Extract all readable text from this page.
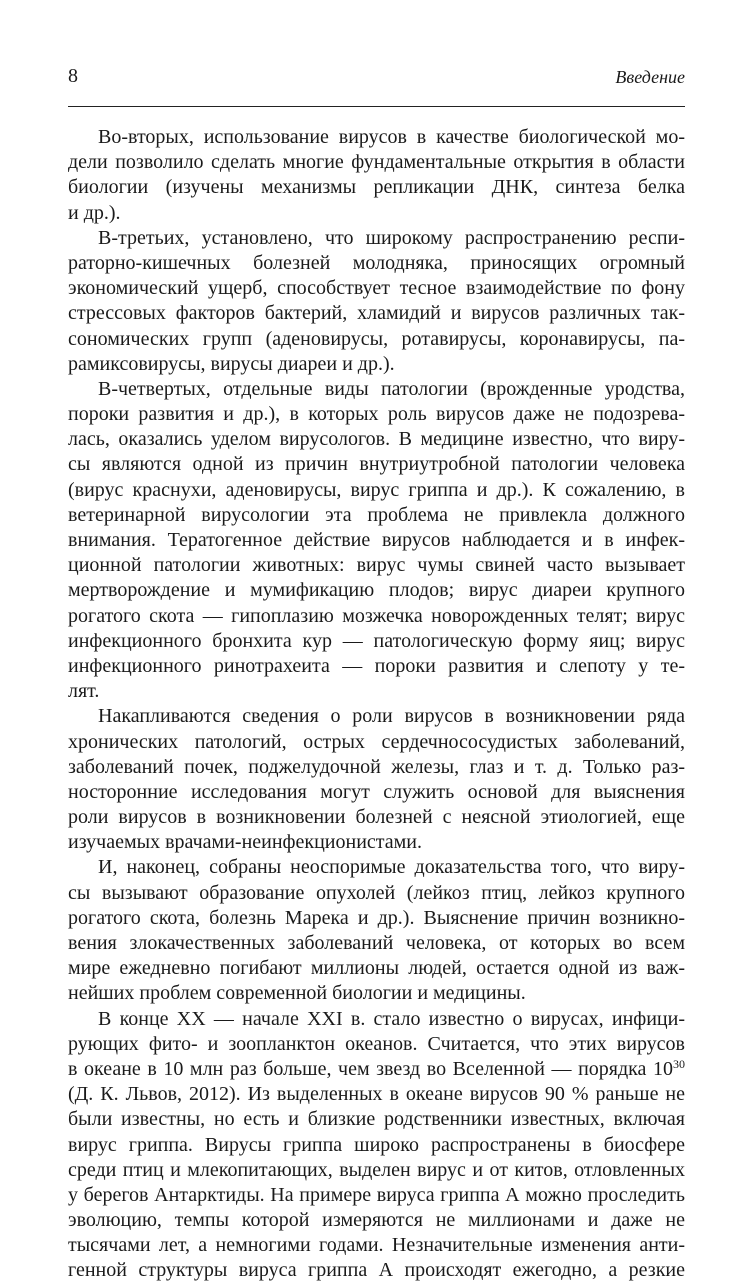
8	Введение
Во-вторых, использование вирусов в качестве биологической мо-
дели позволило сделать многие фундаментальные открытия в области
биологии (изучены механизмы репликации ДНК, синтеза белка
и др.).
В-третьих, установлено, что широкому распространению респи-
раторно-кишечных болезней молодняка, приносящих огромный
экономический ущерб, способствует тесное взаимодействие по фону
стрессовых факторов бактерий, хламидий и вирусов различных так-
сономических групп (аденовирусы, ротавирусы, коронавирусы, па-
рамиксовирусы, вирусы диареи и др.).
В-четвертых, отдельные виды патологии (врожденные уродства,
пороки развития и др.), в которых роль вирусов даже не подозрева-
лась, оказались уделом вирусологов. В медицине известно, что виру-
сы являются одной из причин внутриутробной патологии человека
(вирус краснухи, аденовирусы, вирус гриппа и др.). К сожалению, в
ветеринарной вирусологии эта проблема не привлекла должного
внимания. Тератогенное действие вирусов наблюдается и в инфек-
ционной патологии животных: вирус чумы свиней часто вызывает
мертворождение и мумификацию плодов; вирус диареи крупного
рогатого скота — гипоплазию мозжечка новорожденных телят; вирус
инфекционного бронхита кур — патологическую форму яиц; вирус
инфекционного ринотрахеита — пороки развития и слепоту у те-
лят.
Накапливаются сведения о роли вирусов в возникновении ряда
хронических патологий, острых сердечнососудистых заболеваний,
заболеваний почек, поджелудочной железы, глаз и т. д. Только раз-
носторонние исследования могут служить основой для выяснения
роли вирусов в возникновении болезней с неясной этиологией, еще
изучаемых врачами-неинфекционистами.
И, наконец, собраны неоспоримые доказательства того, что виру-
сы вызывают образование опухолей (лейкоз птиц, лейкоз крупного
рогатого скота, болезнь Марека и др.). Выяснение причин возникно-
вения злокачественных заболеваний человека, от которых во всем
мире ежедневно погибают миллионы людей, остается одной из важ-
нейших проблем современной биологии и медицины.
В конце XX — начале XXI в. стало известно о вирусах, инфици-
рующих фито- и зоопланктон океанов. Считается, что этих вирусов
в океане в 10 млн раз больше, чем звезд во Вселенной — порядка $10^{30}$
(Д. К. Львов, 2012). Из выделенных в океане вирусов 90 % раньше не
были известны, но есть и близкие родственники известных, включая
вирус гриппа. Вирусы гриппа широко распространены в биосфере
среди птиц и млекопитающих, выделен вирус и от китов, отловленных
у берегов Антарктиды. На примере вируса гриппа А можно проследить
эволюцию, темпы которой измеряются не миллионами и даже не
тысячами лет, а немногими годами. Незначительные изменения анти-
генной структуры вируса гриппа А происходят ежегодно, а резкие
